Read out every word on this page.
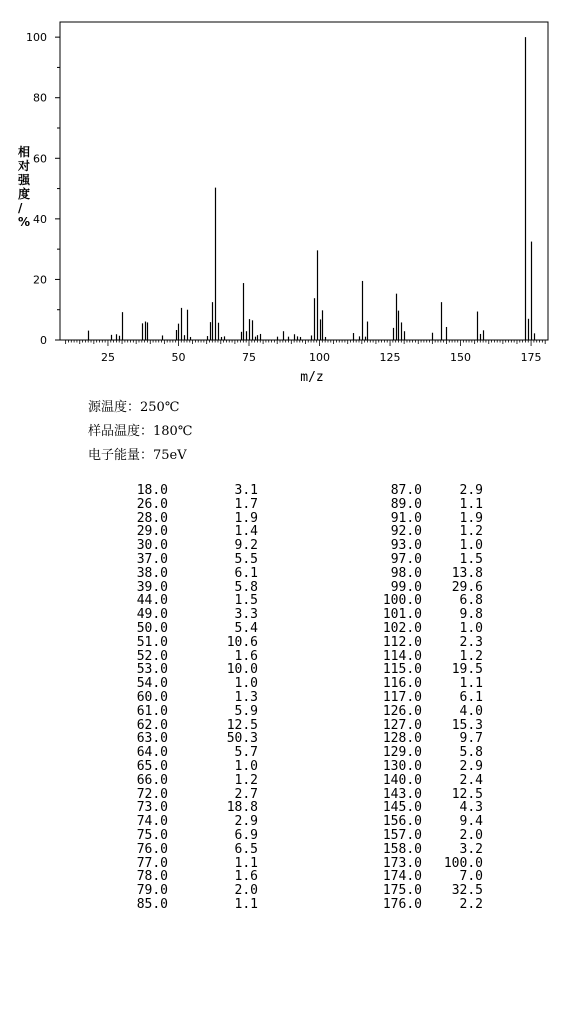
0
20
40
60
80
100
25	50	75	100	125	150	175
m/z
相对强度/ %
源温度：250℃
样品温度：180℃
电子能量：75eV
18.0	3.1	87.0	2.9
26.0	1.7	89.0	1.1
28.0	1.9	91.0	1.9
29.0	1.4	92.0	1.2
30.0	9.2	93.0	1.0
37.0	5.5	97.0	1.5
38.0	6.1	98.0	13.8
39.0	5.8	99.0	29.6
44.0	1.5	100.0	6.8
49.0	3.3	101.0	9.8
50.0	5.4	102.0	1.0
51.0	10.6	112.0	2.3
52.0	1.6	114.0	1.2
53.0	10.0	115.0	19.5
54.0	1.0	116.0	1.1
60.0	1.3	117.0	6.1
61.0	5.9	126.0	4.0
62.0	12.5	127.0	15.3
63.0	50.3	128.0	9.7
64.0	5.7	129.0	5.8
65.0	1.0	130.0	2.9
66.0	1.2	140.0	2.4
72.0	2.7	143.0	12.5
73.0	18.8	145.0	4.3
74.0	2.9	156.0	9.4
75.0	6.9	157.0	2.0
76.0	6.5	158.0	3.2
77.0	1.1	173.0	100.0
78.0	1.6	174.0	7.0
79.0	2.0	175.0	32.5
85.0	1.1	176.0	2.2
